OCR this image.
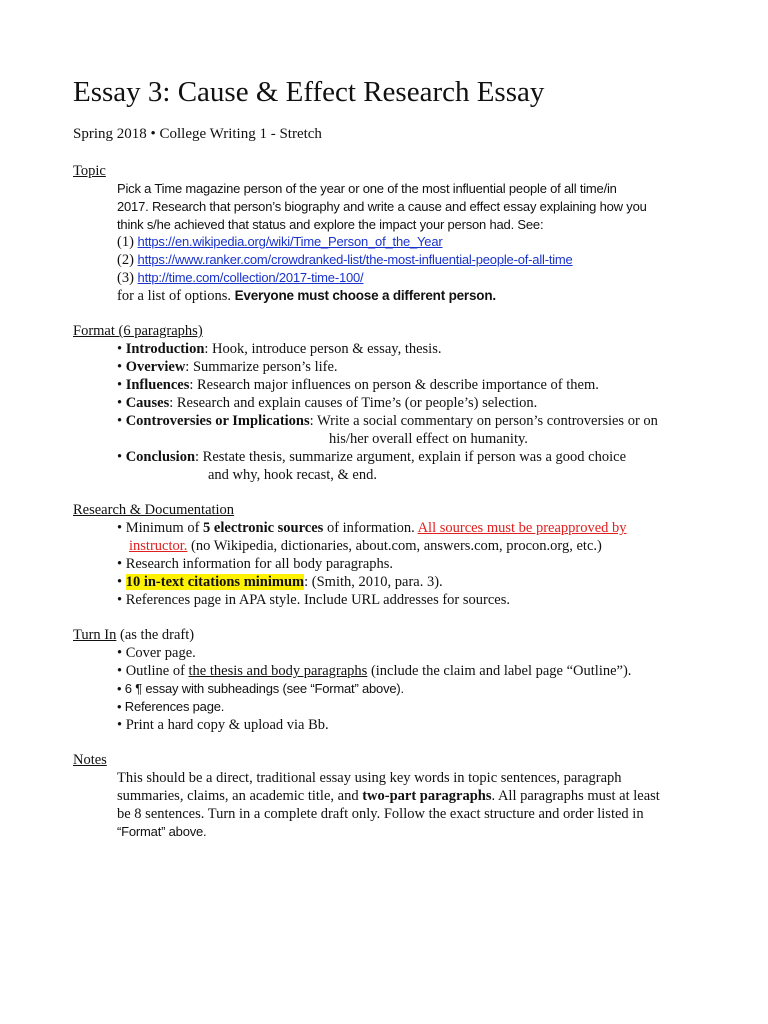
Essay 3: Cause & Effect Research Essay
Spring 2018 • College Writing 1 - Stretch
Topic
Pick a Time magazine person of the year or one of the most influential people of all time/in
2017. Research that person’s biography and write a cause and effect essay explaining how you
think s/he achieved that status and explore the impact your person had. See:
(1) https://en.wikipedia.org/wiki/Time_Person_of_the_Year
(2) https://www.ranker.com/crowdranked-list/the-most-influential-people-of-all-time
(3) http://time.com/collection/2017-time-100/
for a list of options. Everyone must choose a different person.
Format (6 paragraphs)
• Introduction: Hook, introduce person & essay, thesis.
• Overview: Summarize person’s life.
• Influences: Research major influences on person & describe importance of them.
• Causes: Research and explain causes of Time’s (or people’s) selection.
• Controversies or Implications: Write a social commentary on person’s controversies or on
his/her overall effect on humanity.
• Conclusion: Restate thesis, summarize argument, explain if person was a good choice
and why, hook recast, & end.
Research & Documentation
• Minimum of 5 electronic sources of information. All sources must be preapproved by
instructor. (no Wikipedia, dictionaries, about.com, answers.com, procon.org, etc.)
• Research information for all body paragraphs.
• 10 in-text citations minimum: (Smith, 2010, para. 3).
• References page in APA style. Include URL addresses for sources.
Turn In (as the draft)
• Cover page.
• Outline of the thesis and body paragraphs (include the claim and label page “Outline”).
• 6 ¶ essay with subheadings (see “Format” above).
• References page.
• Print a hard copy & upload via Bb.
Notes
This should be a direct, traditional essay using key words in topic sentences, paragraph
summaries, claims, an academic title, and two-part paragraphs. All paragraphs must at least
be 8 sentences. Turn in a complete draft only. Follow the exact structure and order listed in
“Format” above.
